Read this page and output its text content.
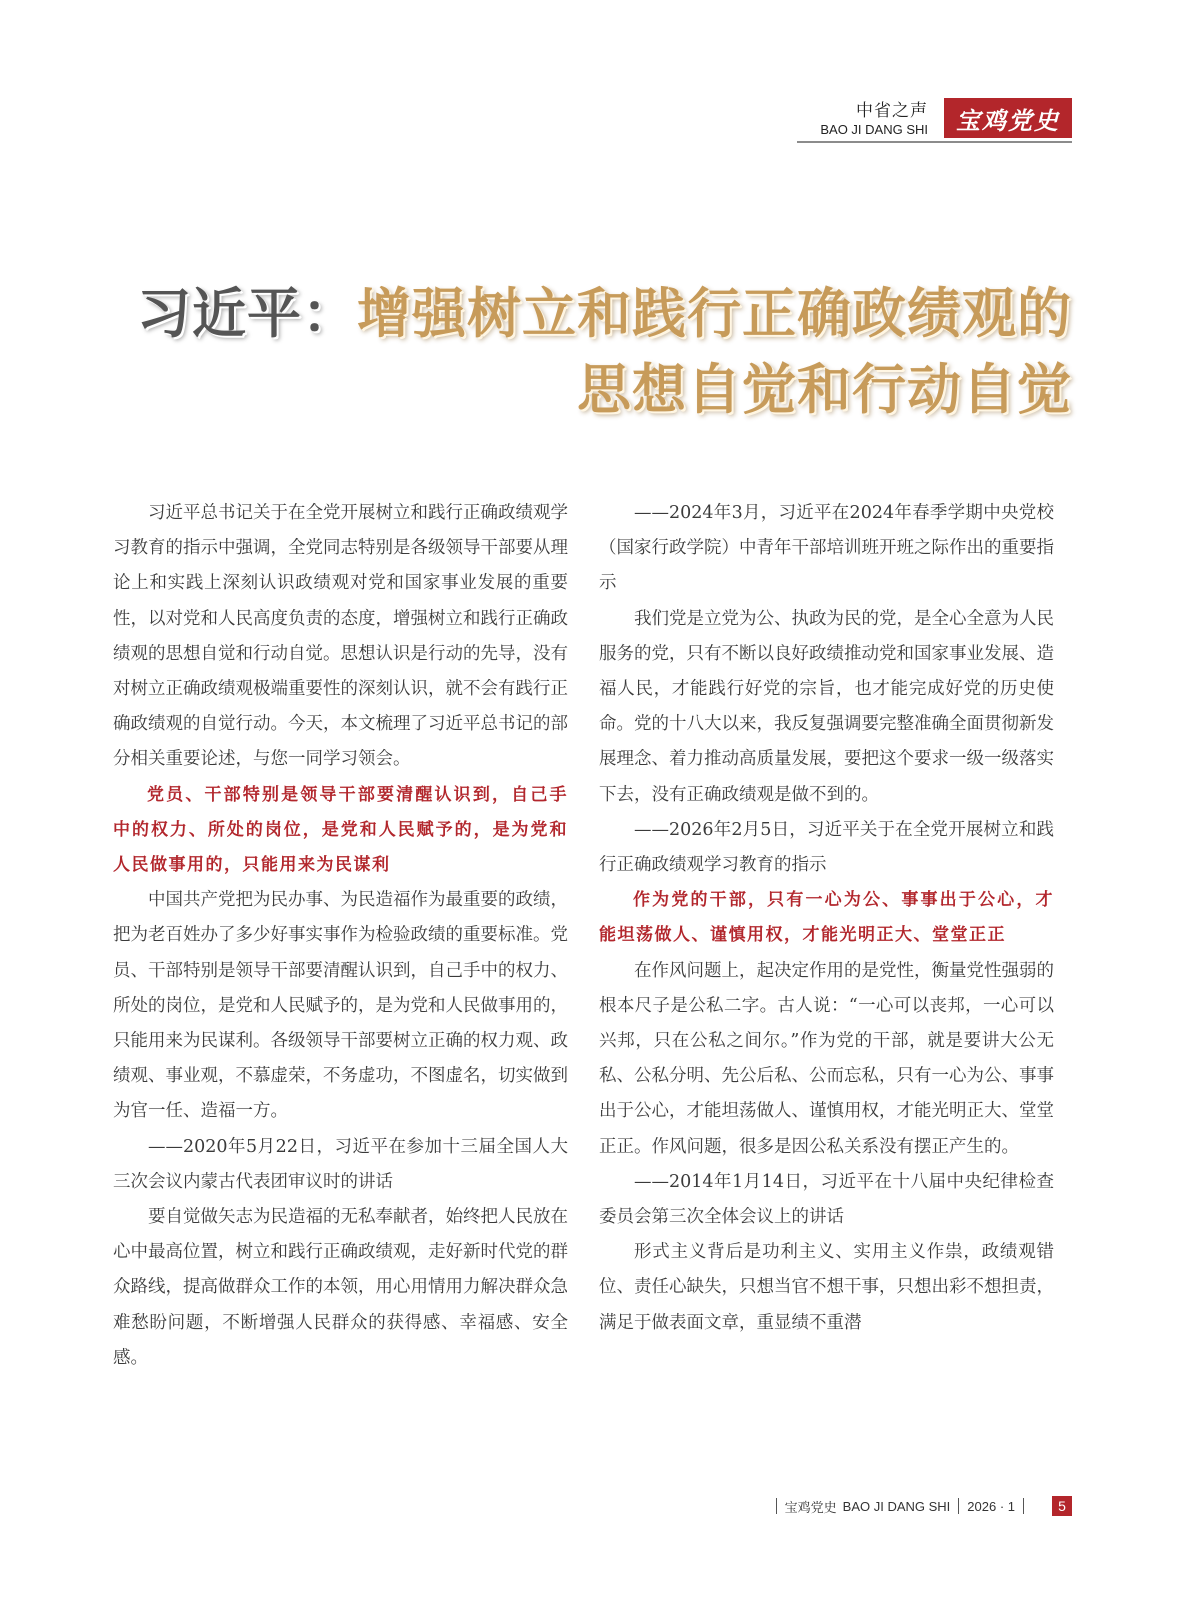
中省之声
BAO JI DANG SHI	宝鸡党史
习近平：增强树立和践行正确政绩观的
思想自觉和行动自觉

习近平总书记关于在全党开展树立和践行正确政绩观学习教育的指示中强调，全党同志特别是各级领导干部要从理论上和实践上深刻认识政绩观对党和国家事业发展的重要性，以对党和人民高度负责的态度，增强树立和践行正确政绩观的思想自觉和行动自觉。思想认识是行动的先导，没有对树立正确政绩观极端重要性的深刻认识，就不会有践行正确政绩观的自觉行动。今天，本文梳理了习近平总书记的部分相关重要论述，与您一同学习领会。

党员、干部特别是领导干部要清醒认识到，自己手中的权力、所处的岗位，是党和人民赋予的，是为党和人民做事用的，只能用来为民谋利

中国共产党把为民办事、为民造福作为最重要的政绩，把为老百姓办了多少好事实事作为检验政绩的重要标准。党员、干部特别是领导干部要清醒认识到，自己手中的权力、所处的岗位，是党和人民赋予的，是为党和人民做事用的，只能用来为民谋利。各级领导干部要树立正确的权力观、政绩观、事业观，不慕虚荣，不务虚功，不图虚名，切实做到为官一任、造福一方。

——2020年5月22日，习近平在参加十三届全国人大三次会议内蒙古代表团审议时的讲话

要自觉做矢志为民造福的无私奉献者，始终把人民放在心中最高位置，树立和践行正确政绩观，走好新时代党的群众路线，提高做群众工作的本领，用心用情用力解决群众急难愁盼问题，不断增强人民群众的获得感、幸福感、安全感。

——2024年3月，习近平在2024年春季学期中央党校（国家行政学院）中青年干部培训班开班之际作出的重要指示

我们党是立党为公、执政为民的党，是全心全意为人民服务的党，只有不断以良好政绩推动党和国家事业发展、造福人民，才能践行好党的宗旨，也才能完成好党的历史使命。党的十八大以来，我反复强调要完整准确全面贯彻新发展理念、着力推动高质量发展，要把这个要求一级一级落实下去，没有正确政绩观是做不到的。

——2026年2月5日，习近平关于在全党开展树立和践行正确政绩观学习教育的指示

作为党的干部，只有一心为公、事事出于公心，才能坦荡做人、谨慎用权，才能光明正大、堂堂正正

在作风问题上，起决定作用的是党性，衡量党性强弱的根本尺子是公私二字。古人说：“一心可以丧邦，一心可以兴邦，只在公私之间尔。”作为党的干部，就是要讲大公无私、公私分明、先公后私、公而忘私，只有一心为公、事事出于公心，才能坦荡做人、谨慎用权，才能光明正大、堂堂正正。作风问题，很多是因公私关系没有摆正产生的。

——2014年1月14日，习近平在十八届中央纪律检查委员会第三次全体会议上的讲话

形式主义背后是功利主义、实用主义作祟，政绩观错位、责任心缺失，只想当官不想干事，只想出彩不想担责，满足于做表面文章，重显绩不重潜

宝鸡党史 BAO JI DANG SHI 2026 · 1	5
